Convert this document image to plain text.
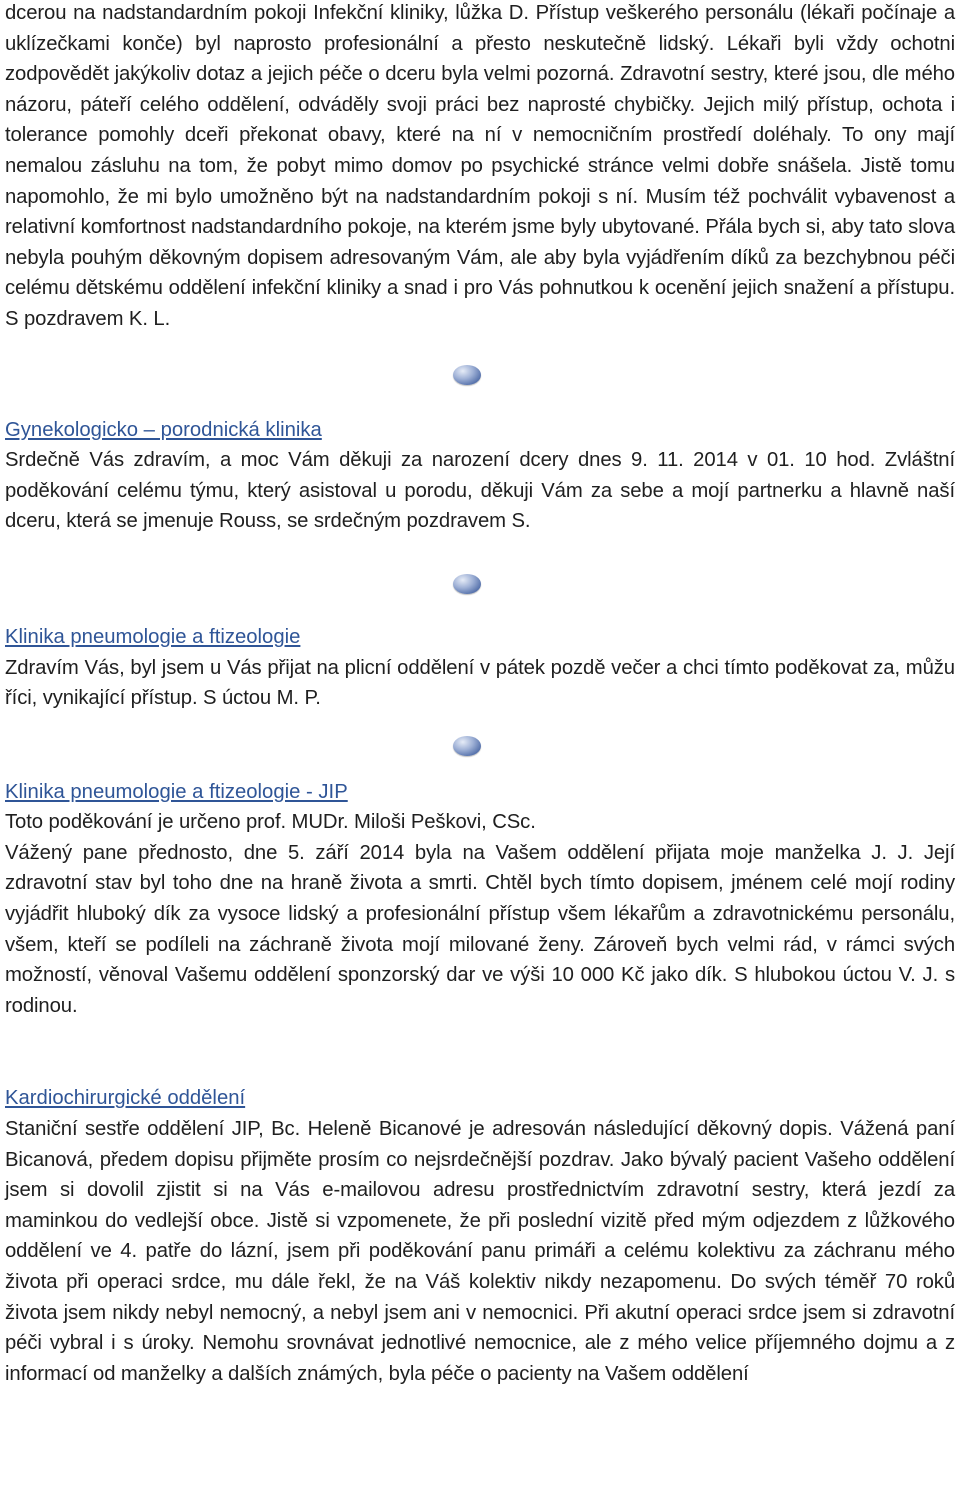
dcerou na nadstandardním pokoji Infekční kliniky, lůžka D. Přístup veškerého personálu (lékaři počínaje a uklízečkami konče) byl naprosto profesionální a přesto neskutečně lidský. Lékaři byli vždy ochotni zodpovědět jakýkoliv dotaz a jejich péče o dceru byla velmi pozorná. Zdravotní sestry, které jsou, dle mého názoru, páteří celého oddělení, odváděly svoji práci bez naprosté chybičky. Jejich milý přístup, ochota i tolerance pomohly dceři překonat obavy, které na ní v nemocničním prostředí doléhaly. To ony mají nemalou zásluhu na tom, že pobyt mimo domov po psychické stránce velmi dobře snášela. Jistě tomu napomohlo, že mi bylo umožněno být na nadstandardním pokoji s ní. Musím též pochválit vybavenost a relativní komfortnost nadstandardního pokoje, na kterém jsme byly ubytované. Přála bych si, aby tato slova nebyla pouhým děkovným dopisem adresovaným Vám, ale aby byla vyjádřením díků za bezchybnou péči celému dětskému oddělení infekční kliniky a snad i pro Vás pohnutkou k ocenění jejich snažení a přístupu. S pozdravem K. L.

Gynekologicko – porodnická klinika

Srdečně Vás zdravím, a moc Vám děkuji za narození dcery dnes 9. 11. 2014 v 01. 10 hod. Zvláštní poděkování celému týmu, který asistoval u porodu, děkuji Vám za sebe a mojí partnerku a hlavně naší dceru, která se jmenuje Rouss, se srdečným pozdravem S.

Klinika pneumologie a ftizeologie

Zdravím Vás, byl jsem u Vás přijat na plicní oddělení v pátek pozdě večer a chci tímto poděkovat za, můžu říci, vynikající přístup. S úctou M. P.

Klinika pneumologie a ftizeologie - JIP

Toto poděkování je určeno prof. MUDr. Miloši Peškovi, CSc.

Vážený pane přednosto, dne 5. září 2014 byla na Vašem oddělení přijata moje manželka J. J. Její zdravotní stav byl toho dne na hraně života a smrti. Chtěl bych tímto dopisem, jménem celé mojí rodiny vyjádřit hluboký dík za vysoce lidský a profesionální přístup všem lékařům a zdravotnickému personálu, všem, kteří se podíleli na záchraně života mojí milované ženy. Zároveň bych velmi rád, v rámci svých možností, věnoval Vašemu oddělení sponzorský dar ve výši 10 000 Kč jako dík. S hlubokou úctou V. J. s rodinou.

Kardiochirurgické oddělení

Staniční sestře oddělení JIP, Bc. Heleně Bicanové je adresován následující děkovný dopis. Vážená paní Bicanová, předem dopisu přijměte prosím co nejsrdečnější pozdrav. Jako bývalý pacient Vašeho oddělení jsem si dovolil zjistit si na Vás e-mailovou adresu prostřednictvím zdravotní sestry, která jezdí za maminkou do vedlejší obce. Jistě si vzpomenete, že při poslední vizitě před mým odjezdem z lůžkového oddělení ve 4. patře do lázní, jsem při poděkování panu primáři a celému kolektivu za záchranu mého života při operaci srdce, mu dále řekl, že na Váš kolektiv nikdy nezapomenu. Do svých téměř 70 roků života jsem nikdy nebyl nemocný, a nebyl jsem ani v nemocnici. Při akutní operaci srdce jsem si zdravotní péči vybral i s úroky. Nemohu srovnávat jednotlivé nemocnice, ale z mého velice příjemného dojmu a z informací od manželky a dalších známých, byla péče o pacienty na Vašem oddělení
